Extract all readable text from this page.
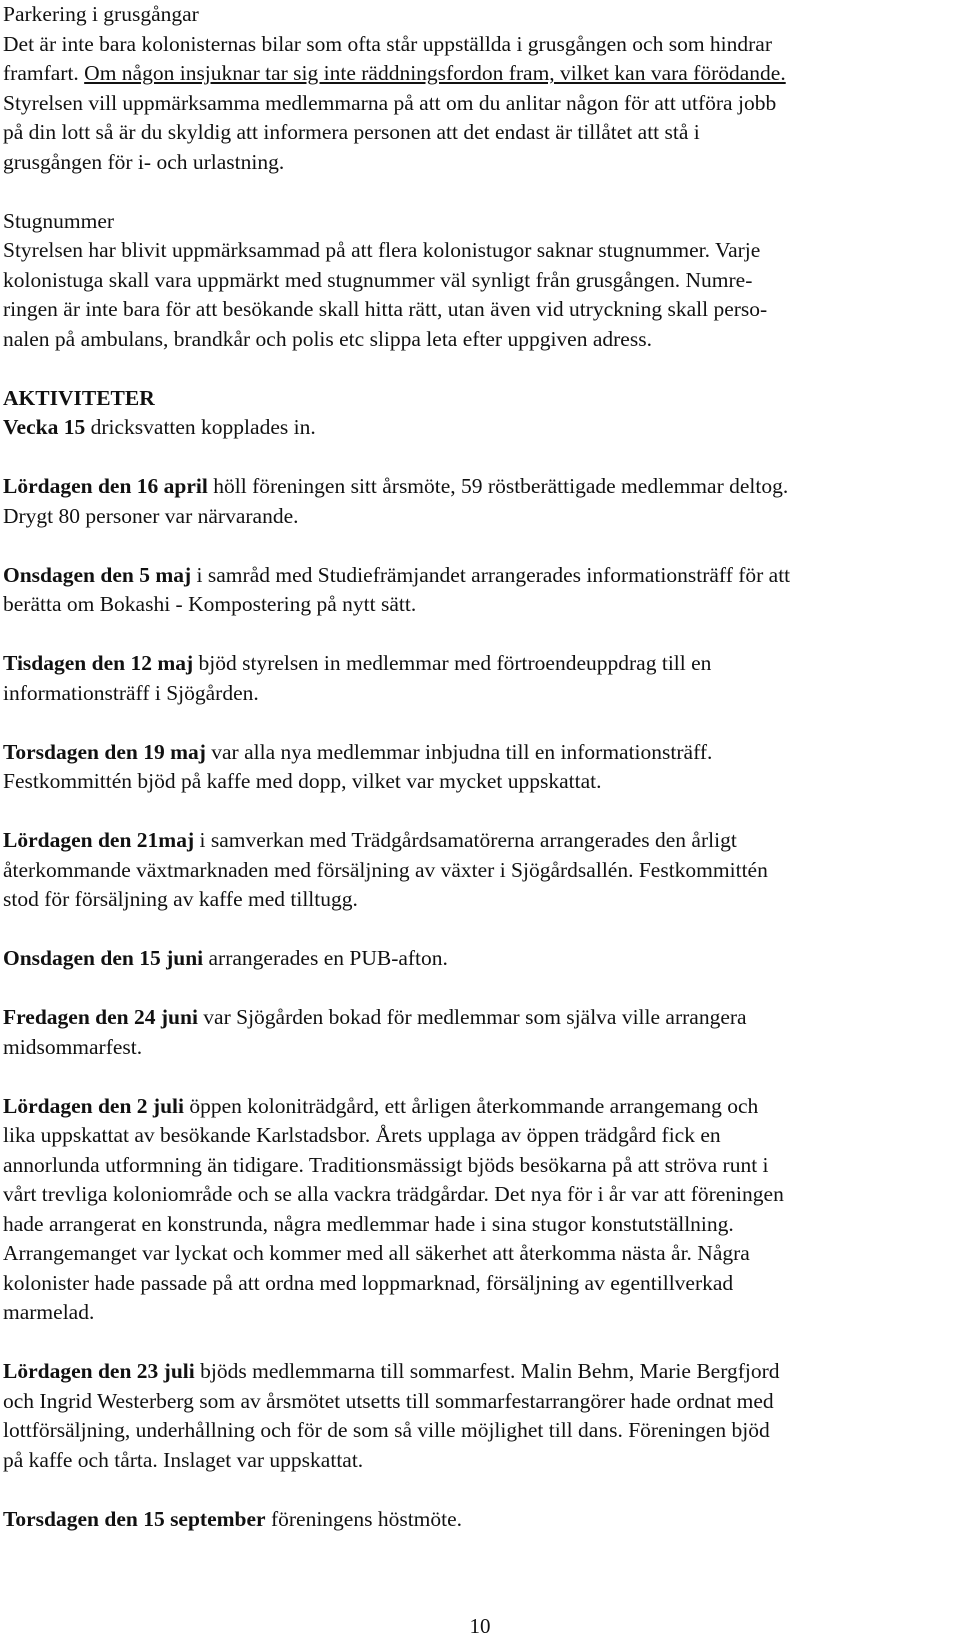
Parkering i grusgångar

Det är inte bara kolonisternas bilar som ofta står uppställda i grusgången och som hindrar

framfart. Om någon insjuknar tar sig inte räddningsfordon fram, vilket kan vara förödande.

Styrelsen vill uppmärksamma medlemmarna på att om du anlitar någon för att utföra jobb

på din lott så är du skyldig att informera personen att det endast är tillåtet att stå i

grusgången för i- och urlastning.

Stugnummer

Styrelsen har blivit uppmärksammad på att flera kolonistugor saknar stugnummer. Varje

kolonistuga skall vara uppmärkt med stugnummer väl synligt från grusgången. Numre-

ringen är inte bara för att besökande skall hitta rätt, utan även vid utryckning skall perso-

nalen på ambulans, brandkår och polis etc slippa leta efter uppgiven adress.

AKTIVITETER

Vecka 15 dricksvatten kopplades in.

Lördagen den 16 april höll föreningen sitt årsmöte, 59 röstberättigade medlemmar deltog.

Drygt 80 personer var närvarande.

Onsdagen den 5 maj i samråd med Studiefrämjandet arrangerades informationsträff för att

berätta om Bokashi - Kompostering på nytt sätt.

Tisdagen den 12 maj bjöd styrelsen in medlemmar med förtroendeuppdrag till en

informationsträff i Sjögården.

Torsdagen den 19 maj var alla nya medlemmar inbjudna till en informationsträff.

Festkommittén bjöd på kaffe med dopp, vilket var mycket uppskattat.

Lördagen den 21maj i samverkan med Trädgårdsamatörerna arrangerades den årligt

återkommande växtmarknaden med försäljning av växter i Sjögårdsallén. Festkommittén

stod för försäljning av kaffe med tilltugg.

Onsdagen den 15 juni arrangerades en PUB-afton.

Fredagen den 24 juni var Sjögården bokad för medlemmar som själva ville arrangera

midsommarfest.

Lördagen den 2 juli öppen koloniträdgård, ett årligen återkommande arrangemang och

lika uppskattat av besökande Karlstadsbor. Årets upplaga av öppen trädgård fick en

annorlunda utformning än tidigare. Traditionsmässigt bjöds besökarna på att ströva runt i

vårt trevliga koloniområde och se alla vackra trädgårdar. Det nya för i år var att föreningen

hade arrangerat en konstrunda, några medlemmar hade i sina stugor konstutställning.

Arrangemanget var lyckat och kommer med all säkerhet att återkomma nästa år. Några

kolonister hade passade på att ordna med loppmarknad, försäljning av egentillverkad

marmelad.

Lördagen den 23 juli bjöds medlemmarna till sommarfest. Malin Behm, Marie Bergfjord

och Ingrid Westerberg som av årsmötet utsetts till sommarfestarrangörer hade ordnat med

lottförsäljning, underhållning och för de som så ville möjlighet till dans. Föreningen bjöd

på kaffe och tårta. Inslaget var uppskattat.

Torsdagen den 15 september föreningens höstmöte.

10
